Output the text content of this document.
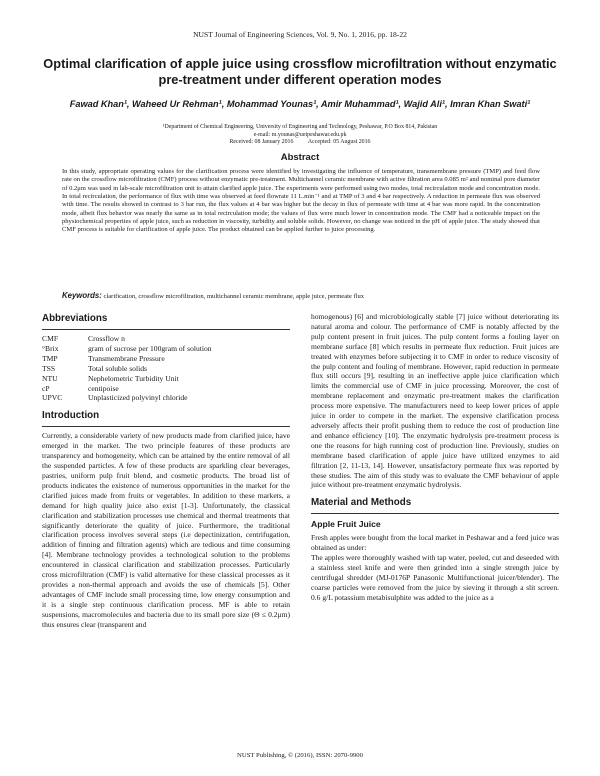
NUST Journal of Engineering Sciences, Vol. 9, No. 1, 2016, pp. 18-22
Optimal clarification of apple juice using crossflow microfiltration without enzymatic pre-treatment under different operation modes
Fawad Khan¹, Waheed Ur Rehman¹, Mohammad Younas¹, Amir Muhammad¹, Wajid Ali¹, Imran Khan Swati¹
¹Department of Chemical Engineering, University of Engineering and Technology, Peshawar, P.O Box 814, Pakistan
e-mail: m.younas@uetpeshawar.edu.pk
Received: 08 January 2016          Accepted: 05 August 2016
Abstract
In this study, appropriate operating values for the clarification process were identified by investigating the influence of temperature, transmembrane pressure (TMP) and feed flow rate on the crossflow microfiltration (CMF) process without enzymatic pre-treatment. Multichannel ceramic membrane with active filtration area 0.085 m² and nominal pore diameter of 0.2μm was used in lab-scale microfiltration unit to attain clarified apple juice. The experiments were performed using two modes, total recirculation mode and concentration mode. In total recirculation, the performance of flux with time was observed at feed flowrate 11 L.min⁻¹ and at TMP of 3 and 4 bar respectively. A reduction in permeate flux was observed with time. The results showed in contrast to 3 bar run, the flux values at 4 bar was higher but the decay in flux of permeate with time at 4 bar was more rapid. In the concentration mode, albeit flux behavior was nearly the same as in total recirculation mode; the values of flux were much lower in concentration mode. The CMF had a noticeable impact on the physiochemical properties of apple juice, such as reduction in viscosity, turbidity and soluble solids. However, no change was noticed in the pH of apple juice. The study showed that CMF process is suitable for clarification of apple juice. The product obtained can be applied further to juice processing.
Keywords: clarification, crossflow microfiltration, multichannel ceramic membrane, apple juice, permeate flux
Abbreviations
CMF	Crossflow n
°Brix	gram of sucrose per 100gram of solution
TMP	Transmembrane Pressure
TSS	Total soluble solids
NTU	Nephelometric Turbidity Unit
cP	centipoise
UPVC	Unplasticized polyvinyl chloride
Introduction

Currently, a considerable variety of new products made from clarified juice, have emerged in the market. The two principle features of these products are transparency and homogeneity, which can be attained by the entire removal of all the suspended particles. A few of these products are sparkling clear beverages, pastries, uniform pulp fruit blend, and cosmetic products. The broad list of products indicates the existence of numerous opportunities in the market for the clarified juices made from fruits or vegetables. In addition to these markets, a demand for high quality juice also exist [1-3]. Unfortunately, the classical clarification and stabilization processes use chemical and thermal treatments that significantly deteriorate the quality of juice. Furthermore, the traditional clarification process involves several steps (i.e depectinization, centrifugation, addition of finning and filtration agents) which are tedious and time consuming [4]. Membrane technology provides a technological solution to the problems encountered in classical clarification and stabilization processes. Particularly cross microfiltration (CMF) is valid alternative for these classical processes as it provides a non-thermal approach and avoids the use of chemicals [5]. Other advantages of CMF include small processing time, low energy consumption and it is a single step continuous clarification process. MF is able to retain suspensions, macromolecules and bacteria due to its small pore size (Θ ≤ 0.2μm) thus ensures clear (transparent and

homogenous) [6] and microbiologically stable [7] juice without deteriorating its natural aroma and colour. The performance of CMF is notably affected by the pulp content present in fruit juices. The pulp content forms a fouling layer on membrane surface [8] which results in permeate flux reduction. Fruit juices are treated with enzymes before subjecting it to CMF in order to reduce viscosity of the pulp content and fouling of membrane. However, rapid reduction in permeate flux still occurs [9], resulting in an ineffective apple juice clarification which limits the commercial use of CMF in juice processing. Moreover, the cost of membrane replacement and enzymatic pre-treatment makes the clarification process more expensive. The manufacturers need to keep lower prices of apple juice in order to compete in the market. The expensive clarification process adversely affects their profit pushing them to reduce the cost of production line and enhance efficiency [10]. The enzymatic hydrolysis pre-treatment process is one the reasons for high running cost of production line. Previously, studies on membrane based clarification of apple juice have utilized enzymes to aid filtration [2, 11-13, 14]. However, unsatisfactory permeate flux was reported by these studies. The aim of this study was to evaluate the CMF behaviour of apple juice without pre-treatment enzymatic hydrolysis.

Material and Methods
Apple Fruit Juice

Fresh apples were bought from the local market in Peshawar and a feed juice was obtained as under:

The apples were thoroughly washed with tap water, peeled, cut and deseeded with a stainless steel knife and were then grinded into a single strength juice by centrifugal shredder (MJ-0176P Panasonic Multifunctional juicer/blender). The coarse particles were removed from the juice by sieving it through a slit screen. 0.6 g/L potassium metabisulphite was added to the juice as a

NUST Publishing, © (2016), ISSN: 2070-9900
